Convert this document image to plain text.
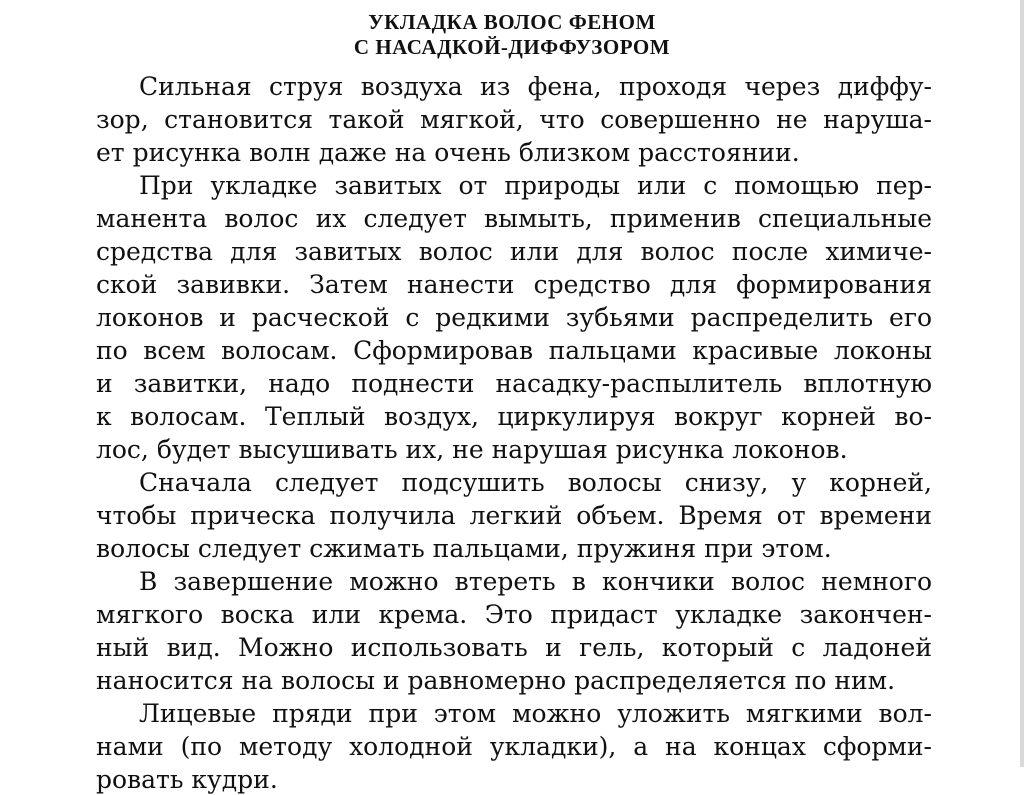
УКЛАДКА ВОЛОС ФЕНОМ
С НАСАДКОЙ-ДИФФУЗОРОМ
Сильная струя воздуха из фена, проходя через диффу-
зор, становится такой мягкой, что совершенно не наруша-
ет рисунка волн даже на очень близком расстоянии.
При укладке завитых от природы или с помощью пер-
манента волос их следует вымыть, применив специальные
средства для завитых волос или для волос после химиче-
ской завивки. Затем нанести средство для формирования
локонов и расческой с редкими зубьями распределить его
по всем волосам. Сформировав пальцами красивые локоны
и завитки, надо поднести насадку-распылитель вплотную
к волосам. Теплый воздух, циркулируя вокруг корней во-
лос, будет высушивать их, не нарушая рисунка локонов.
Сначала следует подсушить волосы снизу, у корней,
чтобы прическа получила легкий объем. Время от времени
волосы следует сжимать пальцами, пружиня при этом.
В завершение можно втереть в кончики волос немного
мягкого воска или крема. Это придаст укладке закончен-
ный вид. Можно использовать и гель, который с ладоней
наносится на волосы и равномерно распределяется по ним.
Лицевые пряди при этом можно уложить мягкими вол-
нами (по методу холодной укладки), а на концах сформи-
ровать кудри.
